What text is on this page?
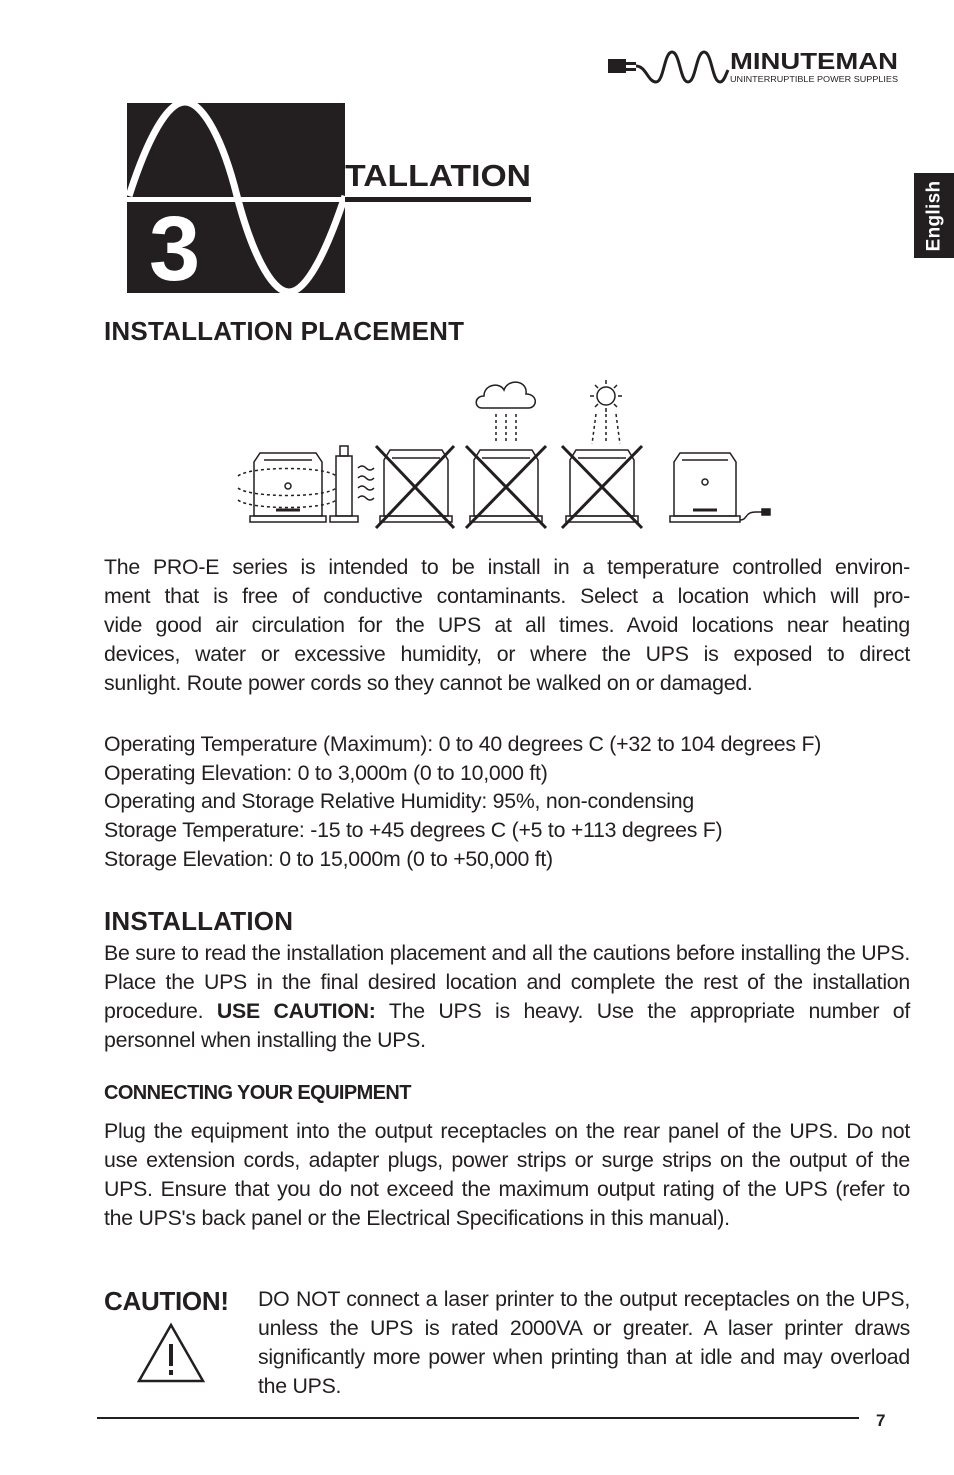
MINUTEMAN
UNINTERRUPTIBLE POWER SUPPLIES
English
3
INSTALLATION
INSTALLATION PLACEMENT

The PRO-E series is intended to be install in a temperature controlled environ-

ment that is free of conductive contaminants. Select a location which will pro-

vide good air circulation for the UPS at all times. Avoid locations near heating

devices, water or excessive humidity, or where the UPS is exposed to direct

sunlight. Route power cords so they cannot be walked on or damaged.

Operating Temperature (Maximum): 0 to 40 degrees C (+32 to 104 degrees F)
Operating Elevation: 0 to 3,000m (0 to 10,000 ft)
Operating and Storage Relative Humidity: 95%, non-condensing
Storage Temperature: -15 to +45 degrees C (+5 to +113 degrees F)
Storage Elevation: 0 to 15,000m (0 to +50,000 ft)
INSTALLATION

Be sure to read the installation placement and all the cautions before installing the UPS. Place the UPS in the final desired location and complete the rest of the installation procedure. USE CAUTION: The UPS is heavy. Use the appropriate number of personnel when installing the UPS.

CONNECTING YOUR EQUIPMENT

Plug the equipment into the output receptacles on the rear panel of the UPS. Do not use extension cords, adapter plugs, power strips or surge strips on the output of the UPS. Ensure that you do not exceed the maximum output rating of the UPS (refer to the UPS's back panel or the Electrical Specifications in this manual).

CAUTION! DO NOT connect a laser printer to the output receptacles on the UPS, unless the UPS is rated 2000VA or greater. A laser printer draws significantly more power when printing than at idle and may overload the UPS.

7
